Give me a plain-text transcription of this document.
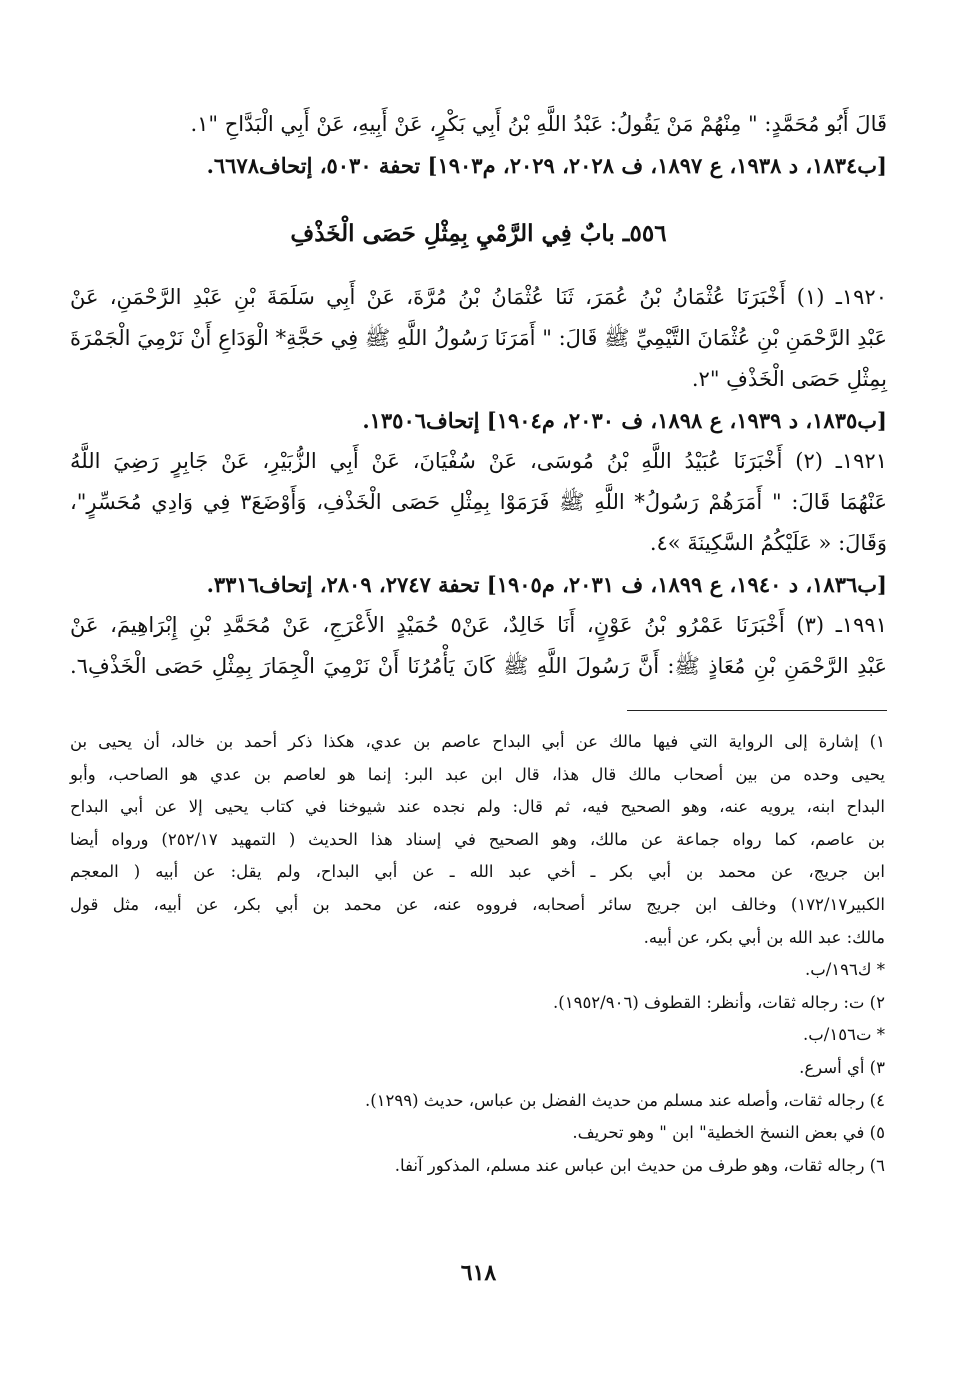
قَالَ أَبُو مُحَمَّدٍ: " مِنْهُمْ مَنْ يَقُولُ: عَبْدُ اللَّهِ بْنُ أَبِي بَكْرٍ، عَنْ أَبِيهِ، عَنْ أَبِي الْبَدَّاحِ "١.

[ب١٨٣٤، د ١٩٣٨، ع ١٨٩٧، ف ٢٠٢٨، ٢٠٢٩، م١٩٠٣] تحفة ٥٠٣٠، إتحاف٦٦٧٨.

٥٥٦ـ بابٌ فِي الرَّمْيِ بِمِثْلِ حَصَى الْخَذْفِ

١٩٢٠ـ (١) أَخْبَرَنَا عُثْمَانُ بْنُ عُمَرَ، ثَنَا عُثْمَانُ بْنُ مُرَّةَ، عَنْ أَبِي سَلَمَةَ بْنِ عَبْدِ الرَّحْمَنِ، عَنْ

عَبْدِ الرَّحْمَنِ بْنِ عُثْمَانَ التَّيْمِيِّ ﷺ قَالَ: " أَمَرَنَا رَسُولُ اللَّهِ ﷺ فِي حَجَّةِ* الْوَدَاعِ أَنْ نَرْمِيَ الْجَمْرَةَ

بِمِثْلِ حَصَى الْخَذْفِ "٢.

[ب١٨٣٥، د ١٩٣٩، ع ١٨٩٨، ف ٢٠٣٠، م١٩٠٤] إتحاف١٣٥٠٦.

١٩٢١ـ (٢) أَخْبَرَنَا عُبَيْدُ اللَّهِ بْنُ مُوسَى، عَنْ سُفْيَانَ، عَنْ أَبِي الزُّبَيْرِ، عَنْ جَابِرٍ رَضِيَ اللَّهُ

عَنْهُمَا قَالَ: " أَمَرَهُمْ رَسُولُ* اللَّهِ ﷺ فَرَمَوْا بِمِثْلِ حَصَى الْخَذْفِ، وَأَوْضَعَ٣ فِي وَادِي مُحَسِّرٍ"،

وَقَالَ: « عَلَيْكُمُ السَّكِينَةَ »٤.

[ب١٨٣٦، د ١٩٤٠، ع ١٨٩٩، ف ٢٠٣١، م١٩٠٥] تحفة ٢٧٤٧، ٢٨٠٩، إتحاف٣٣١٦.

١٩٩١ـ (٣) أَخْبَرَنَا عَمْرُو بْنُ عَوْنٍ، أَنَا خَالِدٌ، عَنْ٥ حُمَيْدٍ الأَعْرَجِ، عَنْ مُحَمَّدِ بْنِ إِبْرَاهِيمَ، عَنْ

عَبْدِ الرَّحْمَنِ بْنِ مُعَاذٍ ﷺ: أَنَّ رَسُولَ اللَّهِ ﷺ كَانَ يَأْمُرُنَا أَنْ نَرْمِيَ الْجِمَارَ بِمِثْلِ حَصَى الْخَذْفِ٦.

١) إشارة إلى الرواية التي فيها مالك عن أبي البداح عاصم بن عدي، هكذا ذكر أحمد بن خالد، أن يحيى بن

يحيى وحده من بين أصحاب مالك قال هذا، قال ابن عبد البر: إنما هو لعاصم بن عدي هو الصاحب، وأبو

البداح ابنه، يرويه عنه، وهو الصحيح فيه، ثم قال: ولم نجده عند شيوخنا في كتاب يحيى إلا عن أبي البداح

بن عاصم، كما رواه جماعة عن مالك، وهو الصحيح في إسناد هذا الحديث ( التمهيد ٢٥٢/١٧) ورواه أيضا

ابن جريج، عن محمد بن أبي بكر ـ أخي عبد الله ـ عن أبي البداح، ولم يقل: عن أبيه ( المعجم

الكبير١٧٢/١٧) وخالف ابن جريج سائر أصحابه، فرووه عنه، عن محمد بن أبي بكر، عن أبيه، مثل قول

مالك: عبد الله بن أبي بكر، عن أبيه.

* ك١٩٦/ب.

٢) ت: رجاله ثقات، وأنظر: القطوف (١٩٥٢/٩٠٦).

* ت١٥٦/ب.

٣) أي أسرع.

٤) رجاله ثقات، وأصله عند مسلم من حديث الفضل بن عباس، حديث (١٢٩٩).

٥) في بعض النسخ الخطية" ابن " وهو تحريف.

٦) رجاله ثقات، وهو طرف من حديث ابن عباس عند مسلم، المذكور آنفا.

٦١٨
